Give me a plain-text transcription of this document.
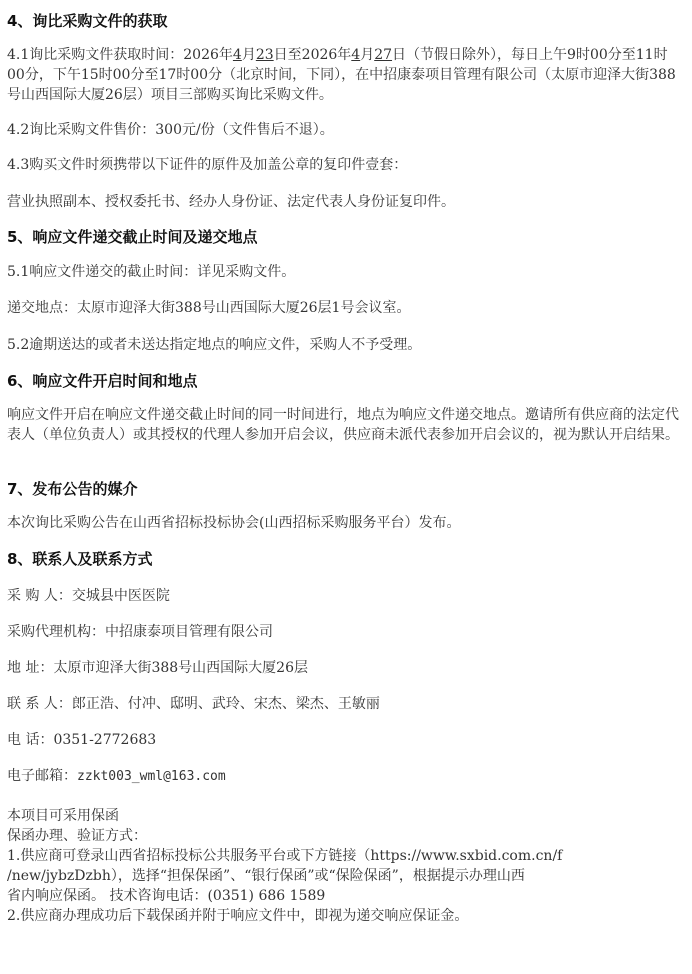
4、询比采购文件的获取
4.1询比采购文件获取时间：2026年4月23日至2026年4月27日（节假日除外），每日上午9时00分至11时00分，下午15时00分至17时00分（北京时间，下同），在中招康泰项目管理有限公司（太原市迎泽大街388号山西国际大厦26层）项目三部购买询比采购文件。
4.2询比采购文件售价：300元/份（文件售后不退）。
4.3购买文件时须携带以下证件的原件及加盖公章的复印件壹套：
营业执照副本、授权委托书、经办人身份证、法定代表人身份证复印件。
5、响应文件递交截止时间及递交地点
5.1响应文件递交的截止时间：详见采购文件。
递交地点：太原市迎泽大街388号山西国际大厦26层1号会议室。
5.2逾期送达的或者未送达指定地点的响应文件，采购人不予受理。
6、响应文件开启时间和地点
响应文件开启在响应文件递交截止时间的同一时间进行，地点为响应文件递交地点。邀请所有供应商的法定代表人（单位负责人）或其授权的代理人参加开启会议，供应商未派代表参加开启会议的，视为默认开启结果。
7、发布公告的媒介
本次询比采购公告在山西省招标投标协会(山西招标采购服务平台）发布。
8、联系人及联系方式
采 购 人：交城县中医医院
采购代理机构：中招康泰项目管理有限公司
地 址：太原市迎泽大街388号山西国际大厦26层
联 系 人：郎正浩、付冲、邸明、武玲、宋杰、梁杰、王敏丽
电 话：0351-2772683
电子邮箱：zzkt003_wml@163.com
本项目可采用保函
保函办理、验证方式：
1.供应商可登录山西省招标投标公共服务平台或下方链接（https://www.sxbid.com.cn/f
/new/jybzDzbh），选择“担保保函”、“银行保函”或“保险保函”，根据提示办理山西
省内响应保函。 技术咨询电话：(0351) 686 1589
2.供应商办理成功后下载保函并附于响应文件中，即视为递交响应保证金。
